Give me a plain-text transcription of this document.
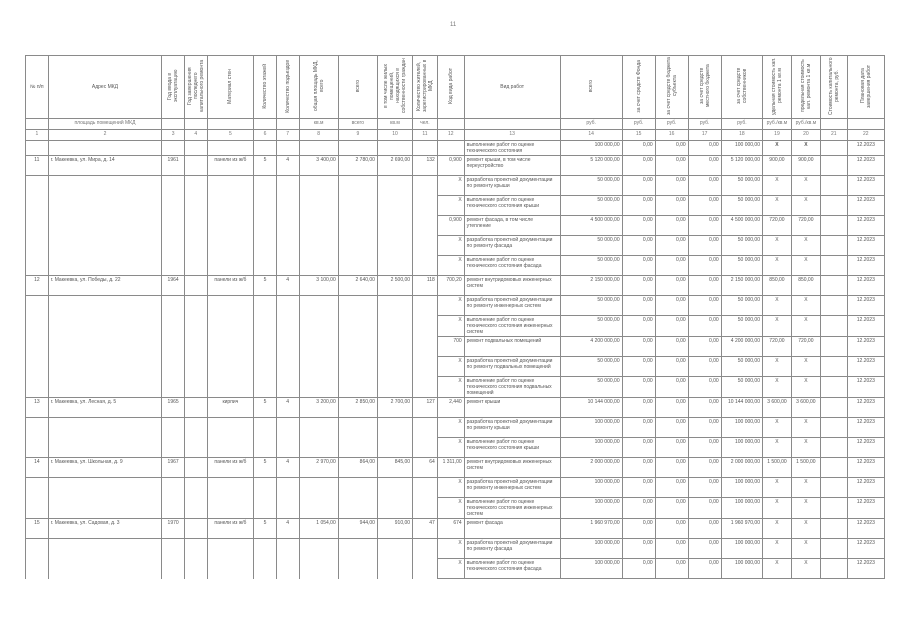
11
№ п/п	Адрес МКД	Год ввода в эксплуатацию	Год завершения последнего капитального ремонта	Материал стен	Количество этажей	Количество подъездов	общая площадь МКД, всего	всего	в том числе жилых помещений, находящихся в собственности граждан	Количество жителей, зарегистрированных в МКД	Код вида работ	Вид работ	всего	за счет средств Фонда	за счет средств бюджета субъекта	за счет средств местного бюджета	за счет средств собственников	удельная стоимость кап. ремонта 1 кв.м	предельная стоимость кап. ремонта 1 кв.м	Стоимость капитального ремонта, руб.	Плановая дата завершения работ
	площадь помещений МКД						кв.м	всего	кв.м	чел.			руб.	руб.	руб.	руб.	руб.	руб./кв.м	руб./кв.м		
1	2	3	4	5	6	7	8	9	10	11	12	13	14	15	16	17	18	19	20	21	22
												выполнение работ по оценке технического состояния	100 000,00	0,00	0,00	0,00	100 000,00	X	X		12.2023
11	г. Макеевка, ул. Мира, д. 14	1961		панели из ж/б	5	4	3 400,00	2 780,00	2 690,00	132	0,900	ремонт крыши, в том числе переустройство	5 120 000,00	0,00	0,00	0,00	5 120 000,00	900,00	900,00		12.2023
											X	разработка проектной документации по ремонту крыши	50 000,00	0,00	0,00	0,00	50 000,00	X	X		12.2023
											X	выполнение работ по оценке технического состояния крыши	50 000,00	0,00	0,00	0,00	50 000,00	X	X		12.2023
											0,900	ремонт фасада, в том числе утепление	4 500 000,00	0,00	0,00	0,00	4 500 000,00	720,00	720,00		12.2023
											X	разработка проектной документации по ремонту фасада	50 000,00	0,00	0,00	0,00	50 000,00	X	X		12.2023
											X	выполнение работ по оценке технического состояния фасада	50 000,00	0,00	0,00	0,00	50 000,00	X	X		12.2023
12	г. Макеевка, ул. Победы, д. 22	1964		панели из ж/б	5	4	3 100,00	2 640,00	2 500,00	118	700,20	ремонт внутридомовых инженерных систем	2 150 000,00	0,00	0,00	0,00	2 150 000,00	850,00	850,00		12.2023
											X	разработка проектной документации по ремонту инженерных систем	50 000,00	0,00	0,00	0,00	50 000,00	X	X		12.2023
											X	выполнение работ по оценке технического состояния инженерных систем	50 000,00	0,00	0,00	0,00	50 000,00	X	X		12.2023
											700	ремонт подвальных помещений	4 200 000,00	0,00	0,00	0,00	4 200 000,00	720,00	720,00		12.2023
											X	разработка проектной документации по ремонту подвальных помещений	50 000,00	0,00	0,00	0,00	50 000,00	X	X		12.2023
											X	выполнение работ по оценке технического состояния подвальных помещений	50 000,00	0,00	0,00	0,00	50 000,00	X	X		12.2023
13	г. Макеевка, ул. Лесная, д. 5	1965		кирпич	5	4	3 200,00	2 850,00	2 700,00	127	2,440	ремонт крыши	10 144 000,00	0,00	0,00	0,00	10 144 000,00	3 600,00	3 600,00		12.2023
											X	разработка проектной документации по ремонту крыши	100 000,00	0,00	0,00	0,00	100 000,00	X	X		12.2023
											X	выполнение работ по оценке технического состояния крыши	100 000,00	0,00	0,00	0,00	100 000,00	X	X		12.2023
14	г. Макеевка, ул. Школьная, д. 9	1967		панели из ж/б	5	4	2 970,00	864,00	845,00	64	1 311,00	ремонт внутридомовых инженерных систем	2 000 000,00	0,00	0,00	0,00	2 000 000,00	1 500,00	1 500,00		12.2023
											X	разработка проектной документации по ремонту инженерных систем	100 000,00	0,00	0,00	0,00	100 000,00	X	X		12.2023
											X	выполнение работ по оценке технического состояния инженерных систем	100 000,00	0,00	0,00	0,00	100 000,00	X	X		12.2023
15	г. Макеевка, ул. Садовая, д. 3	1970		панели из ж/б	5	4	1 054,00	944,00	910,00	47	674	ремонт фасада	1 960 970,00	0,00	0,00	0,00	1 960 970,00	X	X		12.2023
											X	разработка проектной документации по ремонту фасада	100 000,00	0,00	0,00	0,00	100 000,00	X	X		12.2023
											X	выполнение работ по оценке технического состояния фасада	100 000,00	0,00	0,00	0,00	100 000,00	X	X		12.2023
